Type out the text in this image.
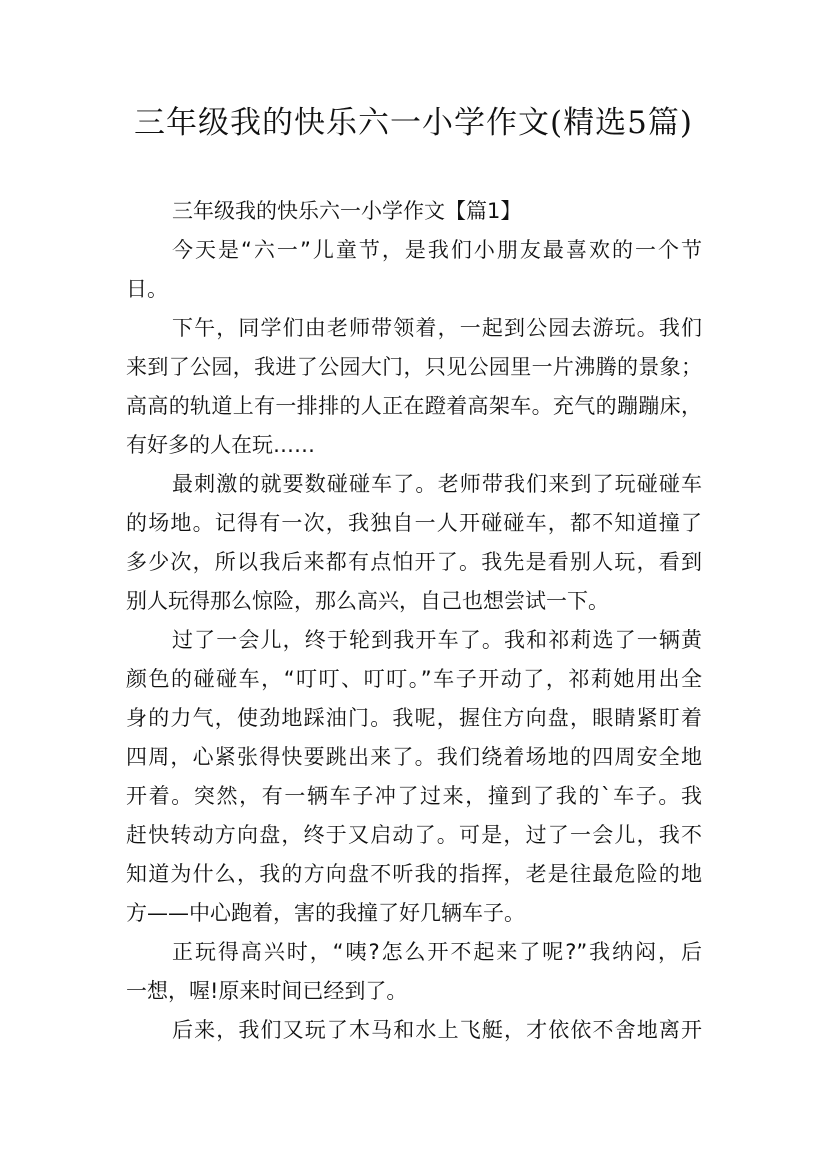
三年级我的快乐六一小学作文(精选5篇)

三年级我的快乐六一小学作文【篇1】

今天是“六一”儿童节，是我们小朋友最喜欢的一个节
日。

下午，同学们由老师带领着，一起到公园去游玩。我们
来到了公园，我进了公园大门，只见公园里一片沸腾的景象；
高高的轨道上有一排排的人正在蹬着高架车。充气的蹦蹦床，
有好多的人在玩……

最刺激的就要数碰碰车了。老师带我们来到了玩碰碰车
的场地。记得有一次，我独自一人开碰碰车，都不知道撞了
多少次，所以我后来都有点怕开了。我先是看别人玩，看到
别人玩得那么惊险，那么高兴，自己也想尝试一下。

过了一会儿，终于轮到我开车了。我和祁莉选了一辆黄
颜色的碰碰车，“叮叮、叮叮。”车子开动了，祁莉她用出全
身的力气，使劲地踩油门。我呢，握住方向盘，眼睛紧盯着
四周，心紧张得快要跳出来了。我们绕着场地的四周安全地
开着。突然，有一辆车子冲了过来，撞到了我的`车子。我
赶快转动方向盘，终于又启动了。可是，过了一会儿，我不
知道为什么，我的方向盘不听我的指挥，老是往最危险的地
方——中心跑着，害的我撞了好几辆车子。

正玩得高兴时，“咦?怎么开不起来了呢?”我纳闷，后
一想，喔!原来时间已经到了。

后来，我们又玩了木马和水上飞艇，才依依不舍地离开
